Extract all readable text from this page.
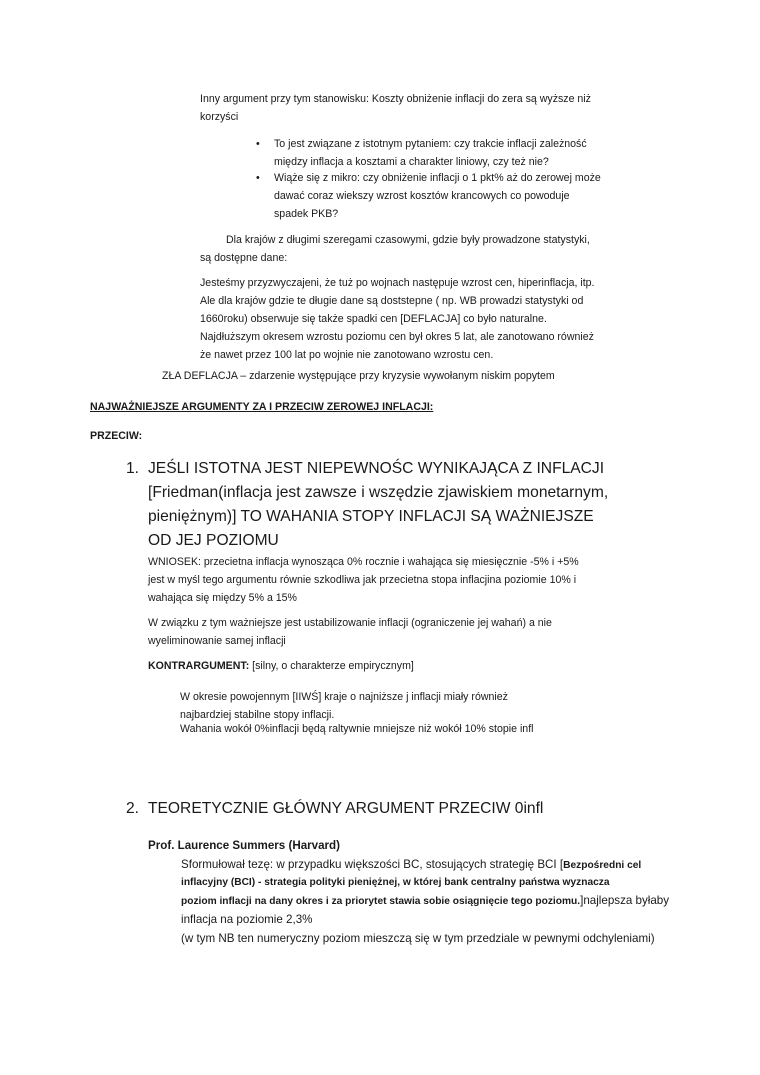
Inny argument przy tym stanowisku: Koszty obniżenie inflacji do zera są wyższe niż korzyści
• To jest związane z istotnym pytaniem: czy trakcie inflacji zależność między inflacja a kosztami a charakter liniowy, czy też nie?
• Wiąże się z mikro: czy obniżenie inflacji o 1 pkt% aż do zerowej może dawać coraz wiekszy wzrost kosztów krancowych co powoduje spadek PKB?
Dla krajów z długimi szeregami czasowymi, gdzie były prowadzone statystyki, są dostępne dane:
Jesteśmy przyzwyczajeni, że tuż po wojnach następuje wzrost cen, hiperinflacja, itp. Ale dla krajów gdzie te długie dane są doststepne ( np. WB prowadzi statystyki od 1660roku) obserwuje się także spadki cen [DEFLACJA] co było naturalne. Najdłuższym okresem wzrostu poziomu cen był okres 5 lat, ale zanotowano również że nawet przez 100 lat po wojnie nie zanotowano wzrostu cen.
ZŁA DEFLACJA – zdarzenie występujące przy kryzysie wywołanym niskim popytem
NAJWAŻNIEJSZE ARGUMENTY ZA I PRZECIW ZEROWEJ INFLACJI:
PRZECIW:
1. JEŚLI ISTOTNA JEST NIEPEWNOŚC WYNIKAJĄCA Z INFLACJI [Friedman(inflacja jest zawsze i wszędzie zjawiskiem monetarnym, pieniężnym)] TO WAHANIA STOPY INFLACJI SĄ WAŻNIEJSZE OD JEJ POZIOMU
WNIOSEK: przecietna inflacja wynosząca 0% rocznie i wahająca się miesięcznie -5% i +5% jest w myśl tego argumentu równie szkodliwa jak przecietna stopa inflacjina poziomie 10% i wahająca się między 5% a 15%
W związku z tym ważniejsze jest ustabilizowanie inflacji (ograniczenie jej wahań) a nie wyeliminowanie samej inflacji
KONTRARGUMENT: [silny, o charakterze empirycznym]
W okresie powojennym [IIWŚ] kraje o najniższe j inflacji miały również najbardziej stabilne stopy inflacji.
Wahania wokół 0%inflacji będą raltywnie mniejsze niż wokół 10% stopie infl
2. TEORETYCZNIE GŁÓWNY ARGUMENT PRZECIW 0infl
Prof. Laurence Summers (Harvard)
Sformułował tezę: w przypadku większości BC, stosujących strategię BCI [Bezpośredni cel
inflacyjny (BCI) - strategia polityki pieniężnej, w której bank centralny państwa wyznacza
poziom inflacji na dany okres i za priorytet stawia sobie osiągnięcie tego poziomu.]najlepsza byłaby
inflacja na poziomie 2,3%
(w tym NB ten numeryczny poziom mieszczą się w tym przedziale w pewnymi odchyleniami)
